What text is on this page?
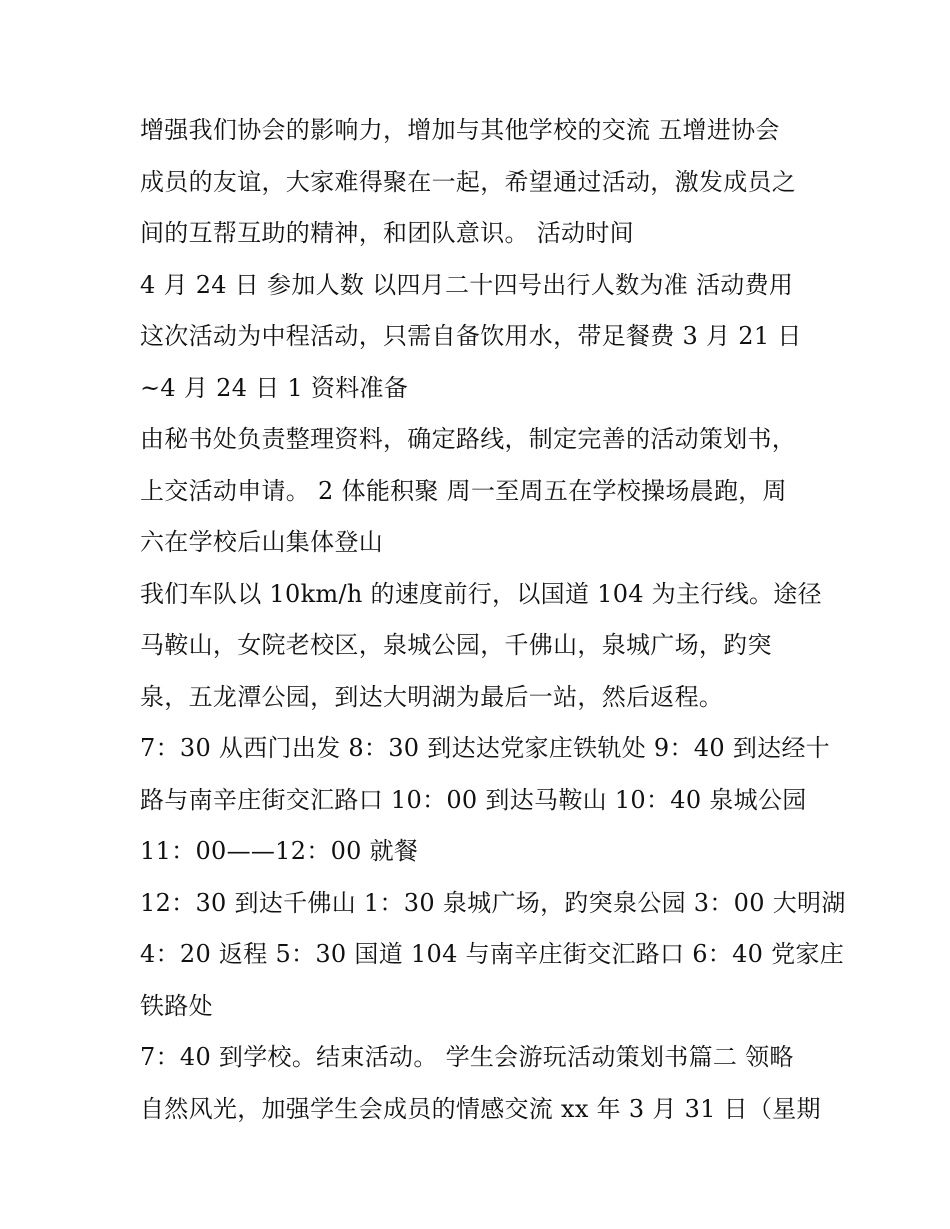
增强我们协会的影响力，增加与其他学校的交流 五增进协会
成员的友谊，大家难得聚在一起，希望通过活动，激发成员之
间的互帮互助的精神，和团队意识。 活动时间
4 月 24 日 参加人数 以四月二十四号出行人数为准 活动费用
这次活动为中程活动，只需自备饮用水，带足餐费 3 月 21 日
~4 月 24 日 1 资料准备
由秘书处负责整理资料，确定路线，制定完善的活动策划书，
上交活动申请。 2 体能积聚 周一至周五在学校操场晨跑，周
六在学校后山集体登山
我们车队以 10km/h 的速度前行，以国道 104 为主行线。途径
马鞍山，女院老校区，泉城公园，千佛山，泉城广场，趵突
泉，五龙潭公园，到达大明湖为最后一站，然后返程。
7：30 从西门出发 8：30 到达达党家庄铁轨处 9：40 到达经十
路与南辛庄街交汇路口 10：00 到达马鞍山 10：40 泉城公园
11：00——12：00 就餐
12：30 到达千佛山 1：30 泉城广场，趵突泉公园 3：00 大明湖
4：20 返程 5：30 国道 104 与南辛庄街交汇路口 6：40 党家庄
铁路处
7：40 到学校。结束活动。 学生会游玩活动策划书篇二 领略
自然风光，加强学生会成员的情感交流 xx 年 3 月 31 日（星期
